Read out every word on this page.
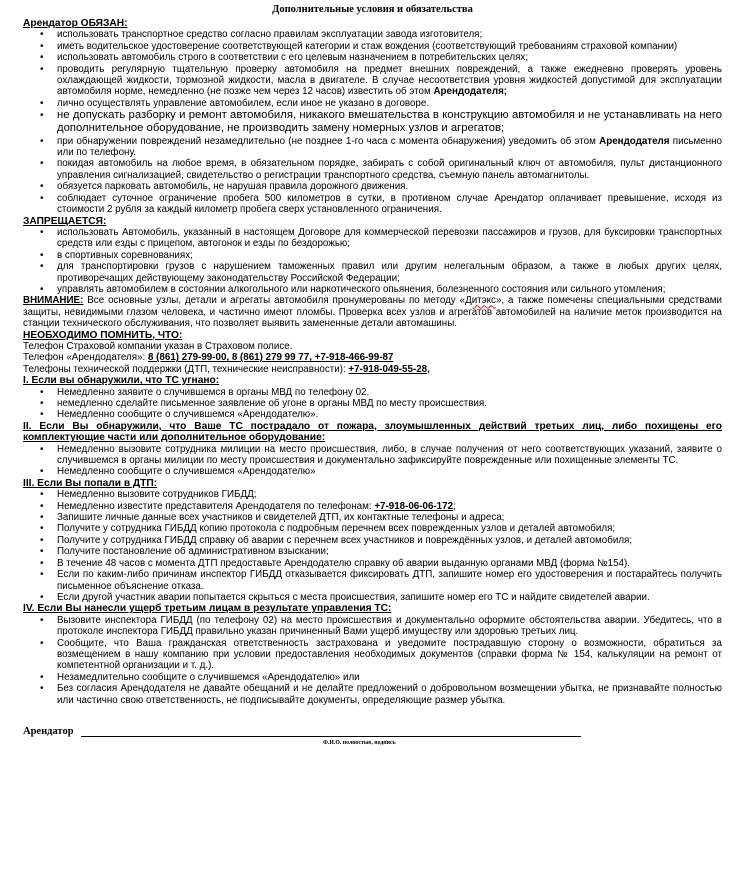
Дополнительные условия и обязательства
Арендатор ОБЯЗАН:
• использовать транспортное средство согласно правилам эксплуатации завода изготовителя;
• иметь водительское удостоверение соответствующей категории и стаж вождения (соответствующий требованиям страховой компании)
• использовать автомобиль строго в соответствии с его целевым назначением в потребительских целях;
• проводить регулярную тщательную проверку автомобиля на предмет внешних повреждений, а также ежедневно проверять уровень охлаждающей жидкости, тормозной жидкости, масла в двигателе. В случае несоответствия уровня жидкостей допустимой для эксплуатации автомобиля норме, немедленно (не позже чем через 12 часов) известить об этом Арендодателя;
• лично осуществлять управление автомобилем, если иное не указано в договоре.
• не допускать разборку и ремонт автомобиля, никакого вмешательства в конструкцию автомобиля и не устанавливать на него дополнительное оборудование, не производить замену номерных узлов и агрегатов;
• при обнаружении повреждений незамедлительно (не позднее 1-го часа с момента обнаружения) уведомить об этом Арендодателя письменно или по телефону.
• покидая автомобиль на любое время, в обязательном порядке, забирать с собой оригинальный ключ от автомобиля, пульт дистанционного управления сигнализацией, свидетельство о регистрации транспортного средства, съемную панель автомагнитолы.
• обязуется парковать автомобиль, не нарушая правила дорожного движения.
• соблюдает суточное ограничение пробега 500 километров в сутки, в противном случае Арендатор оплачивает превышение, исходя из стоимости 2 рубля за каждый километр пробега сверх установленного ограничения.
ЗАПРЕЩАЕТСЯ:
• использовать Автомобиль, указанный в настоящем Договоре для коммерческой перевозки пассажиров и грузов, для буксировки транспортных средств или езды с прицепом, автогонок и езды по бездорожью;
• в спортивных соревнованиях;
• для транспортировки грузов с нарушением таможенных правил или другим нелегальным образом, а также в любых других целях, противоречащих действующему законодательству Российской Федерации;
• управлять автомобилем в состоянии алкогольного или наркотического опьянения, болезненного состояния или сильного утомления;
ВНИМАНИЕ: Все основные узлы, детали и агрегаты автомобиля пронумерованы по методу «Дитэкс», а также помечены специальными средствами защиты, невидимыми глазом человека, и частично имеют пломбы. Проверка всех узлов и агрегатов автомобилей на наличие меток производится на станции технического обслуживания, что позволяет выявить замененные детали автомашины.
НЕОБХОДИМО ПОМНИТЬ, ЧТО:
Телефон Страховой компании указан в Страховом полисе.
Телефон «Арендодателя»: 8 (861) 279-99-00, 8 (861) 279 99 77, +7-918-466-99-87
Телефоны технической поддержки (ДТП, технические неисправности): +7-918-049-55-28,
I. Если вы обнаружили, что ТС угнано:
• Немедленно заявите о случившемся в органы МВД по телефону 02.
• немедленно сделайте письменное заявление об угоне в органы МВД по месту происшествия.
• Немедленно сообщите о случившемся «Арендодателю».
II. Если Вы обнаружили, что Ваше ТС пострадало от пожара, злоумышленных действий третьих лиц, либо похищены его комплектующие части или дополнительное оборудование:
• Немедленно вызовите сотрудника милиции на место происшествия, либо, в случае получения от него соответствующих указаний, заявите о случившемся в органы милиции по месту происшествия и документально зафиксируйте поврежденные или похищенные элементы ТС.
• Немедленно сообщите о случившемся «Арендодателю»
III. Если Вы попали в ДТП:
• Немедленно вызовите сотрудников ГИБДД;
• Немедленно известите представителя Арендодателя по телефонам: +7-918-06-06-172;
• Запишите личные данные всех участников и свидетелей ДТП, их контактные телефоны и адреса;
• Получите у сотрудника ГИБДД копию протокола с подробным перечнем всех поврежденных узлов и деталей автомобиля;
• Получите у сотрудника ГИБДД справку об аварии с перечнем всех участников и повреждённых узлов, и деталей автомобиля;
• Получите постановление об административном взыскании;
• В течение 48 часов с момента ДТП предоставьте Арендодателю справку об аварии выданную органами МВД (форма №154).
• Если по каким-либо причинам инспектор ГИБДД отказывается фиксировать ДТП, запишите номер его удостоверения и постарайтесь получить письменное объяснение отказа.
• Если другой участник аварии попытается скрыться с места происшествия, запишите номер его ТС и найдите свидетелей аварии.
IV. Если Вы нанесли ущерб третьим лицам в результате управления ТС:
• Вызовите инспектора ГИБДД (по телефону 02) на место происшествия и документально оформите обстоятельства аварии. Убедитесь, что в протоколе инспектора ГИБДД правильно указан причиненный Вами ущерб имуществу или здоровью третьих лиц.
• Сообщите, что Ваша гражданская ответственность застрахована и уведомите пострадавшую сторону о возможности, обратиться за возмещением в нашу компанию при условии предоставления необходимых документов (справки форма № 154, калькуляции на ремонт от компетентной организации и т. д.).
• Незамедлительно сообщите о случившемся «Арендодателю» или
• Без согласия Арендодателя не давайте обещаний и не делайте предложений о добровольном возмещении убытка, не признавайте полностью или частично свою ответственность, не подписывайте документы, определяющие размер убытка.
Арендатор
Ф.И.О. полностью, подпись
